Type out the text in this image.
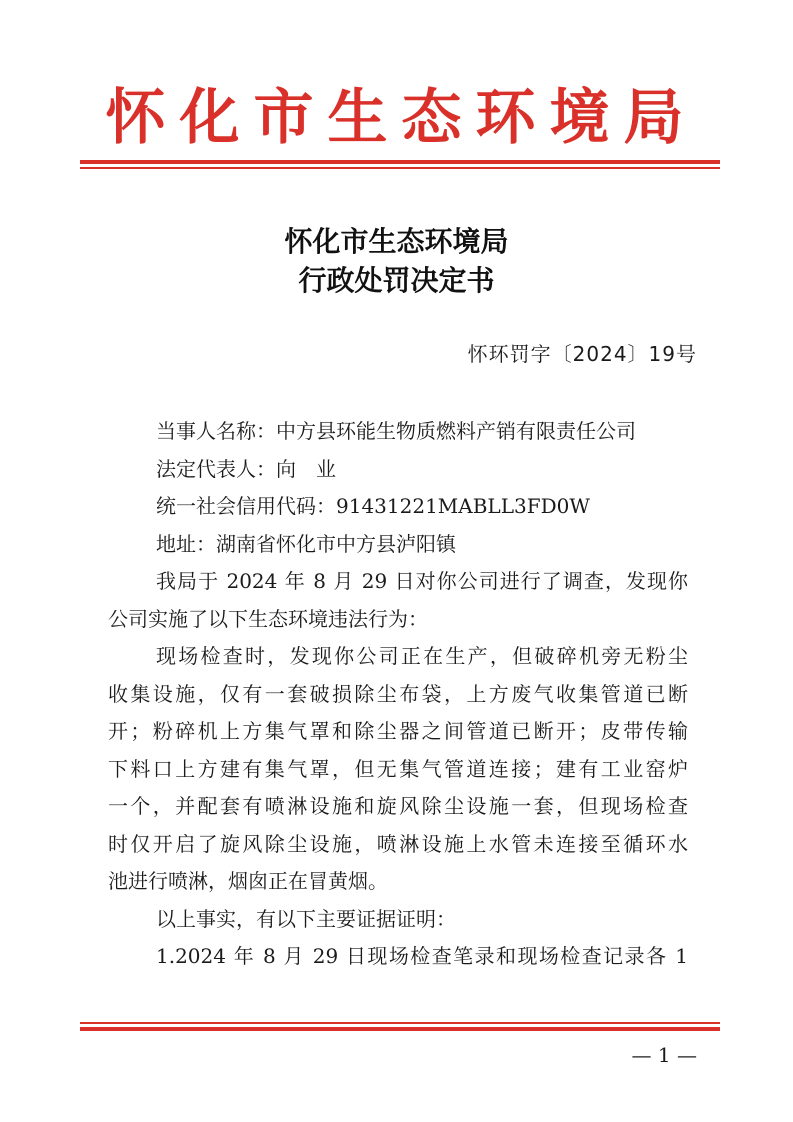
怀化市生态环境局
怀化市生态环境局
行政处罚决定书
怀环罚字〔2024〕19号
当事人名称：中方县环能生物质燃料产销有限责任公司
法定代表人：向　业
统一社会信用代码：91431221MABLL3FD0W
地址：湖南省怀化市中方县泸阳镇
我局于 2024 年 8 月 29 日对你公司进行了调查，发现你
公司实施了以下生态环境违法行为：
现场检查时，发现你公司正在生产，但破碎机旁无粉尘
收集设施，仅有一套破损除尘布袋，上方废气收集管道已断
开；粉碎机上方集气罩和除尘器之间管道已断开；皮带传输
下料口上方建有集气罩，但无集气管道连接；建有工业窑炉
一个，并配套有喷淋设施和旋风除尘设施一套，但现场检查
时仅开启了旋风除尘设施，喷淋设施上水管未连接至循环水
池进行喷淋，烟囱正在冒黄烟。
以上事实，有以下主要证据证明：
1.2024 年 8 月 29 日现场检查笔录和现场检查记录各 1
— 1 —
